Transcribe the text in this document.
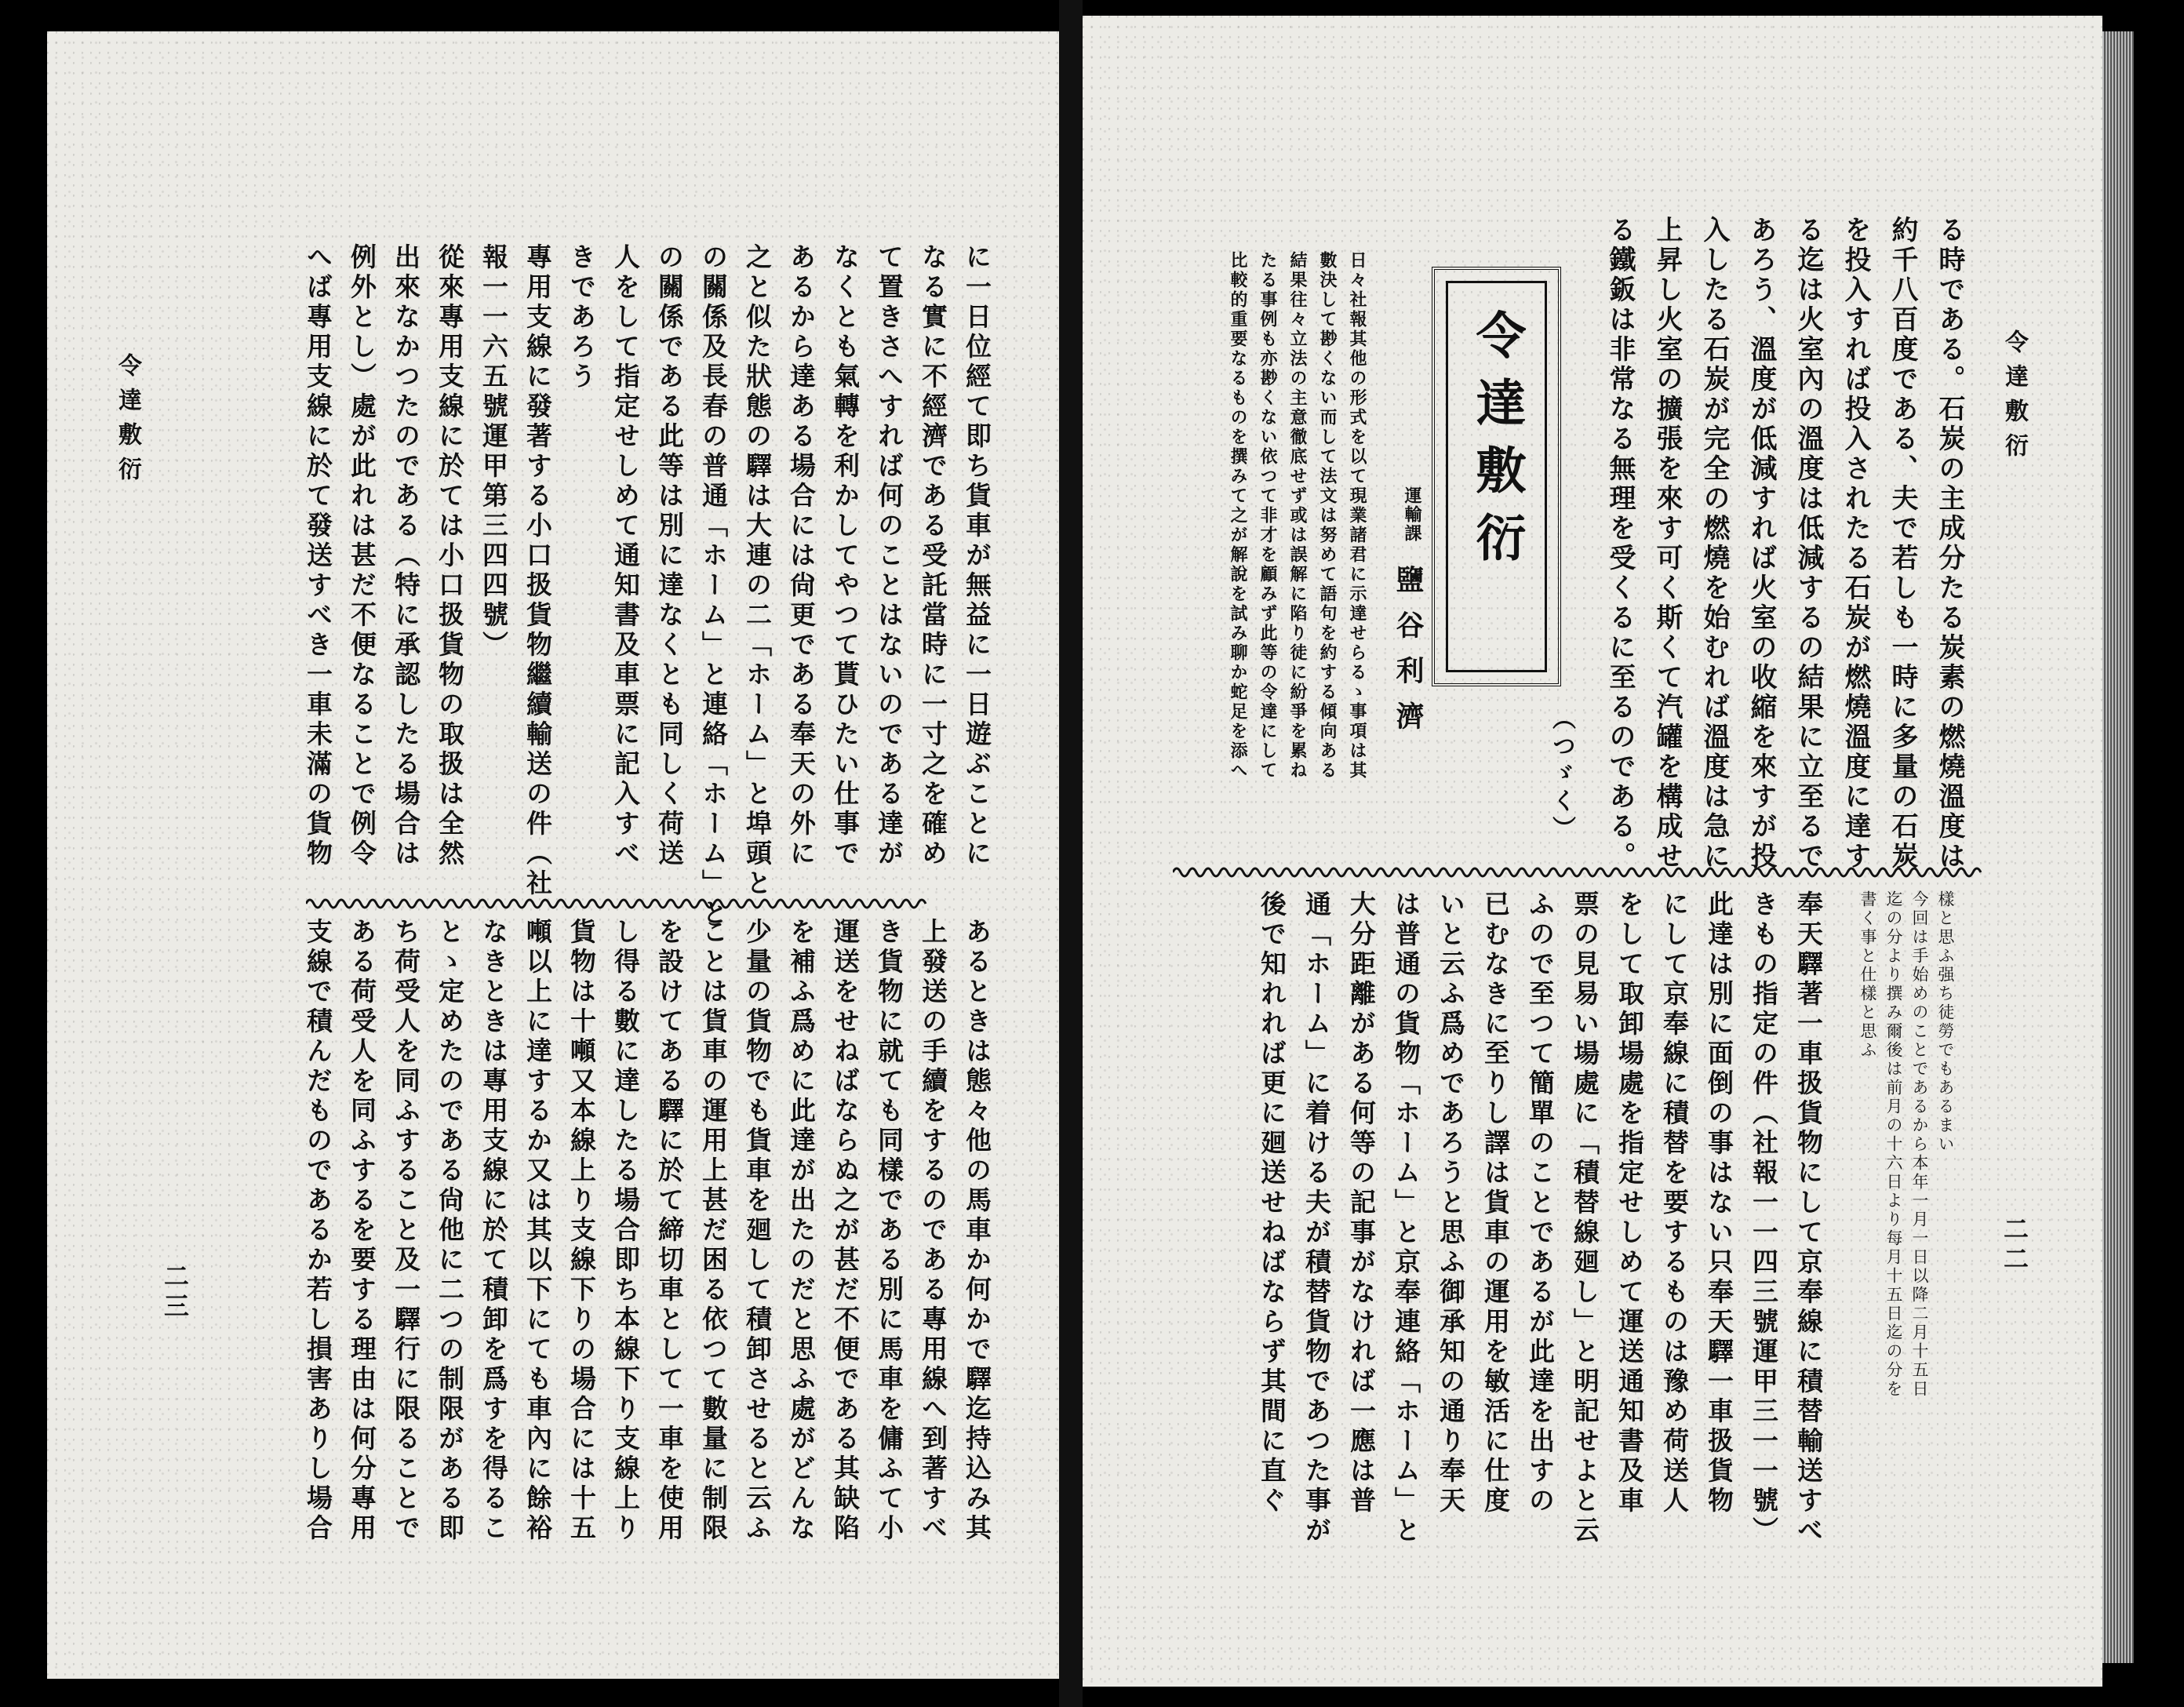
令達敷衍	に一日位經て即ち貨車が無益に一日遊ぶことに
なる實に不經濟である受託當時に一寸之を確め
て置きさへすれば何のことはないのである達が
なくとも氣轉を利かしてやつて貰ひたい仕事で
あるから達ある場合には尙更である奉天の外に
之と似た狀態の驛は大連の二「ホーム」と埠頭と
の關係及長春の普通「ホーム」と連絡「ホーム」と
の關係である此等は別に達なくとも同しく荷送
人をして指定せしめて通知書及車票に記入すべ
きであろう
專用支線に發著する小口扱貨物繼續輸送の件（社
報一一六五號運甲第三四四號）
從來專用支線に於ては小口扱貨物の取扱は全然
出來なかつたのである（特に承認したる場合は
例外とし）處が此れは甚だ不便なることで例令
へば專用支線に於て發送すべき一車未滿の貨物
あるときは態々他の馬車か何かで驛迄持込み其
上發送の手續をするのである專用線へ到著すべ
き貨物に就ても同樣である別に馬車を傭ふて小
運送をせねばならぬ之が甚だ不便である其缺陷
を補ふ爲めに此達が出たのだと思ふ處がどんな
少量の貨物でも貨車を廻して積卸させると云ふ
ことは貨車の運用上甚だ困る依つて數量に制限
を設けてある驛に於て締切車として一車を使用
し得る數に達したる場合即ち本線下り支線上り
貨物は十噸又本線上り支線下りの場合には十五
噸以上に達するか又は其以下にても車內に餘裕
なきときは專用支線に於て積卸を爲すを得るこ
とゝ定めたのである尙他に二つの制限がある即
ち荷受人を同ふすること及一驛行に限ることで
ある荷受人を同ふするを要する理由は何分專用
支線で積んだものであるか若し損害ありし場合
二三
令達敷衍
る時である。石炭の主成分たる炭素の燃燒溫度は
約千八百度である、夫で若しも一時に多量の石炭
を投入すれば投入されたる石炭が燃燒溫度に達す
る迄は火室內の溫度は低減するの結果に立至るで
あろう、溫度が低減すれば火室の收縮を來すが投
入したる石炭が完全の燃燒を始むれば溫度は急に
上昇し火室の擴張を來す可く斯くて汽罐を構成せ
る鐵鈑は非常なる無理を受くるに至るのである。
（つゞく）
令達敷衍
運輸課
鹽谷利濟
日々社報其他の形式を以て現業諸君に示達せらるゝ事項は其
數決して尠くない而して法文は努めて語句を約する傾向ある
結果往々立法の主意徹底せず或は誤解に陷り徒に紛爭を累ね
たる事例も亦尠くない依つて非才を顧みず此等の令達にして
比較的重要なるものを撰みて之が解說を試み聊か蛇足を添へ
樣と思ふ强ち徒勞でもあるまい
今回は手始めのことであるから本年一月一日以降二月十五日
迄の分より撰み爾後は前月の十六日より每月十五日迄の分を
書く事と仕樣と思ふ
奉天驛著一車扱貨物にして京奉線に積替輸送すべ
きもの指定の件（社報一一四三號運甲三一一號）
此達は別に面倒の事はない只奉天驛一車扱貨物
にして京奉線に積替を要するものは豫め荷送人
をして取卸場處を指定せしめて運送通知書及車
票の見易い場處に「積替線廻し」と明記せよと云
ふので至つて簡單のことであるが此達を出すの
已むなきに至りし譯は貨車の運用を敏活に仕度
いと云ふ爲めであろうと思ふ御承知の通り奉天
は普通の貨物「ホーム」と京奉連絡「ホーム」と
大分距離がある何等の記事がなければ一應は普
通「ホーム」に着ける夫が積替貨物であつた事が
後で知れれば更に廻送せねばならず其間に直ぐ	二二
